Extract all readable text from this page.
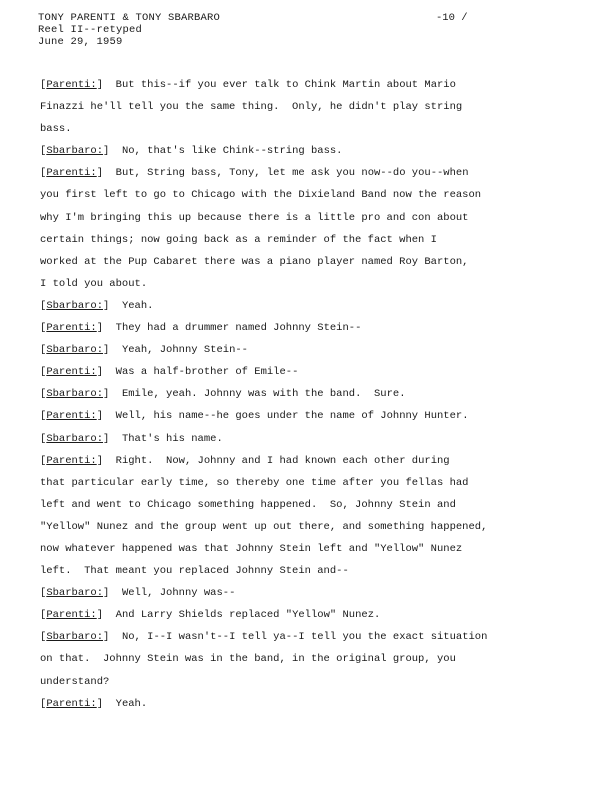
TONY PARENTI & TONY SBARBARO
Reel II--retyped
June 29, 1959
-10 /
[Parenti:]  But this--if you ever talk to Chink Martin about Mario
Finazzi he'll tell you the same thing.  Only, he didn't play string
bass.
[Sbarbaro:]  No, that's like Chink--string bass.
[Parenti:]  But, String bass, Tony, let me ask you now--do you--when
you first left to go to Chicago with the Dixieland Band now the reason
why I'm bringing this up because there is a little pro and con about
certain things; now going back as a reminder of the fact when I
worked at the Pup Cabaret there was a piano player named Roy Barton,
I told you about.
[Sbarbaro:]  Yeah.
[Parenti:]  They had a drummer named Johnny Stein--
[Sbarbaro:]  Yeah, Johnny Stein--
[Parenti:]  Was a half-brother of Emile--
[Sbarbaro:]  Emile, yeah. Johnny was with the band.  Sure.
[Parenti:]  Well, his name--he goes under the name of Johnny Hunter.
[Sbarbaro:]  That's his name.
[Parenti:]  Right.  Now, Johnny and I had known each other during
that particular early time, so thereby one time after you fellas had
left and went to Chicago something happened.  So, Johnny Stein and
"Yellow" Nunez and the group went up out there, and something happened,
now whatever happened was that Johnny Stein left and "Yellow" Nunez
left.  That meant you replaced Johnny Stein and--
[Sbarbaro:]  Well, Johnny was--
[Parenti:]  And Larry Shields replaced "Yellow" Nunez.
[Sbarbaro:]  No, I--I wasn't--I tell ya--I tell you the exact situation
on that.  Johnny Stein was in the band, in the original group, you
understand?
[Parenti:]  Yeah.
